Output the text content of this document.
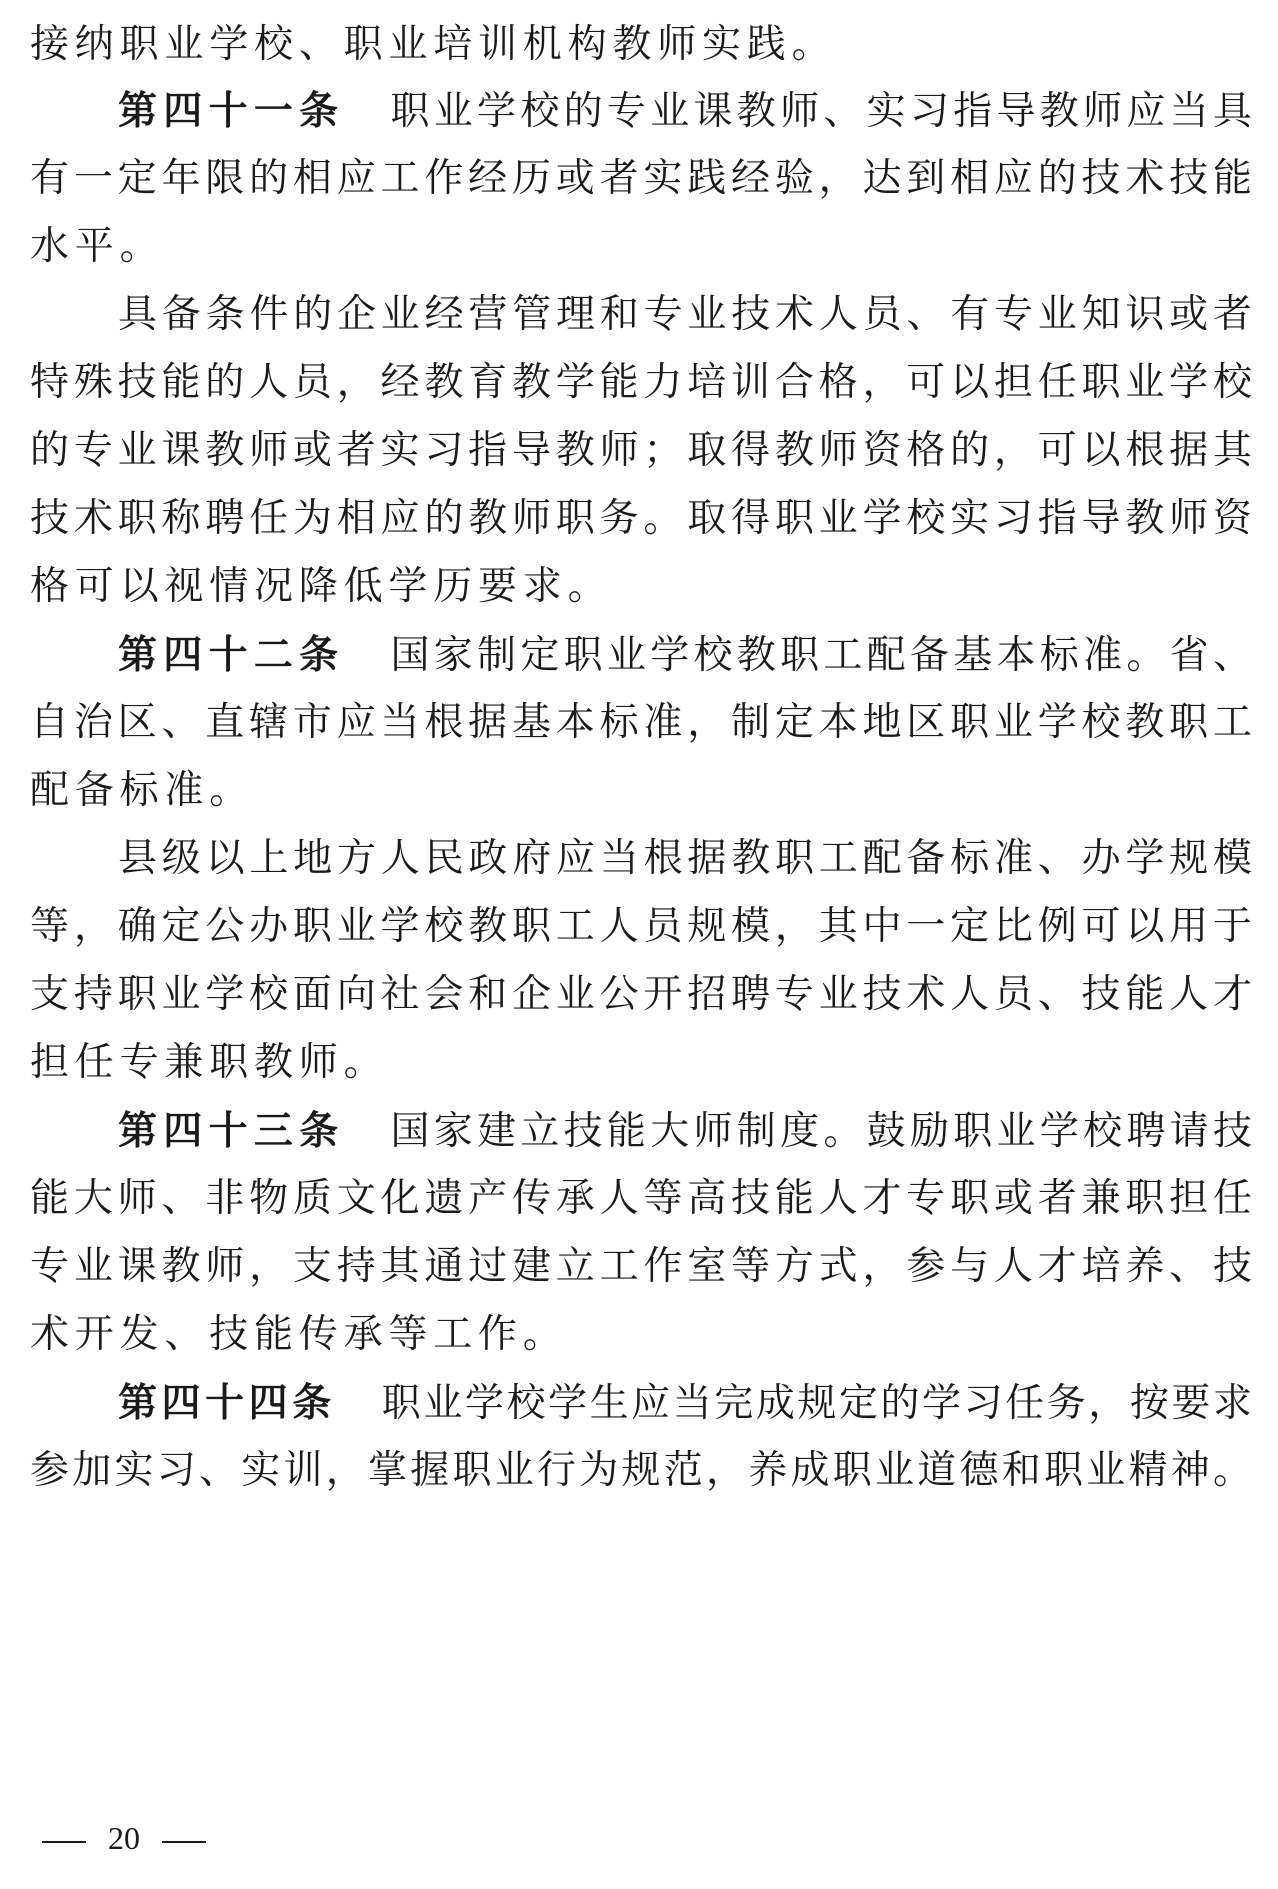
接纳职业学校、职业培训机构教师实践。
第四十一条 职业学校的专业课教师、实习指导教师应当具
有一定年限的相应工作经历或者实践经验，达到相应的技术技能
水平。
具备条件的企业经营管理和专业技术人员、有专业知识或者
特殊技能的人员，经教育教学能力培训合格，可以担任职业学校
的专业课教师或者实习指导教师；取得教师资格的，可以根据其
技术职称聘任为相应的教师职务。取得职业学校实习指导教师资
格可以视情况降低学历要求。
第四十二条 国家制定职业学校教职工配备基本标准。省、
自治区、直辖市应当根据基本标准，制定本地区职业学校教职工
配备标准。
县级以上地方人民政府应当根据教职工配备标准、办学规模
等，确定公办职业学校教职工人员规模，其中一定比例可以用于
支持职业学校面向社会和企业公开招聘专业技术人员、技能人才
担任专兼职教师。
第四十三条 国家建立技能大师制度。鼓励职业学校聘请技
能大师、非物质文化遗产传承人等高技能人才专职或者兼职担任
专业课教师，支持其通过建立工作室等方式，参与人才培养、技
术开发、技能传承等工作。
第四十四条 职业学校学生应当完成规定的学习任务，按要求
参加实习、实训，掌握职业行为规范，养成职业道德和职业精神。
20
